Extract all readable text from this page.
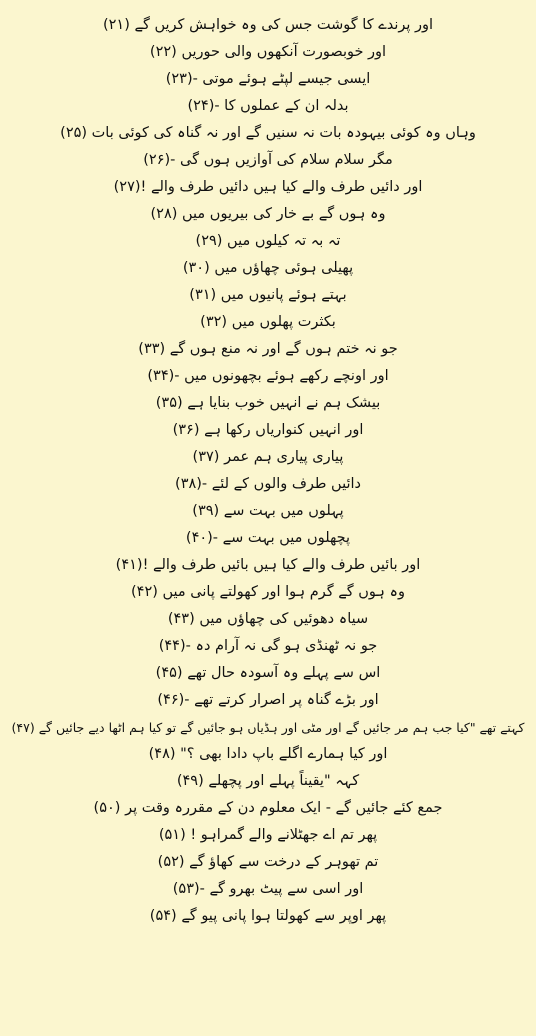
اور پرندے کا گوشت جس کی وہ خواہش کریں گے (۲۱)
اور خوبصورت آنکھوں والی حوریں (۲۲)
ایسی جیسے لپٹے ہوئے موتی -(۲۳)
بدلہ ان کے عملوں کا -(۲۴)
وہاں وہ کوئی بیہودہ بات نہ سنیں گے اور نہ گناہ کی کوئی بات (۲۵)
مگر سلام سلام کی آوازیں ہوں گی -(۲۶)
اور دائیں طرف والے کیا ہیں دائیں طرف والے !(۲۷)
وہ ہوں گے بے خار کی بیریوں میں (۲۸)
تہ بہ تہ کیلوں میں (۲۹)
پھیلی ہوئی چھاؤں میں (۳۰)
بہتے ہوئے پانیوں میں (۳۱)
بکثرت پھلوں میں (۳۲)
جو نہ ختم ہوں گے اور نہ منع ہوں گے (۳۳)
اور اونچے رکھے ہوئے بچھونوں میں -(۳۴)
بیشک ہم نے انہیں خوب بنایا ہے (۳۵)
اور انہیں کنواریاں رکھا ہے (۳۶)
پیاری پیاری ہم عمر (۳۷)
دائیں طرف والوں کے لئے -(۳۸)
پہلوں میں بہت سے (۳۹)
پچھلوں میں بہت سے -(۴۰)
اور بائیں طرف والے کیا ہیں بائیں طرف والے !(۴۱)
وہ ہوں گے گرم ہوا اور کھولتے پانی میں (۴۲)
سیاہ دھوئیں کی چھاؤں میں (۴۳)
جو نہ ٹھنڈی ہو گی نہ آرام دہ -(۴۴)
اس سے پہلے وہ آسودہ حال تھے (۴۵)
اور بڑے گناہ پر اصرار کرتے تھے -(۴۶)
کہتے تھے "کیا جب ہم مر جائیں گے اور مٹی اور ہڈیاں ہو جائیں گے تو کیا ہم اٹھا دیے جائیں گے (۴۷)
اور کیا ہمارے اگلے باپ دادا بھی ؟" (۴۸)
کہہ "یقیناً پہلے اور پچھلے (۴۹)
جمع کئے جائیں گے - ایک معلوم دن کے مقررہ وقت پر (۵۰)
پھر تم اے جھٹلانے والے گمراہو ! (۵۱)
تم تھوہر کے درخت سے کھاؤ گے (۵۲)
اور اسی سے پیٹ بھرو گے -(۵۳)
پھر اوپر سے کھولتا ہوا پانی پیو گے (۵۴)
